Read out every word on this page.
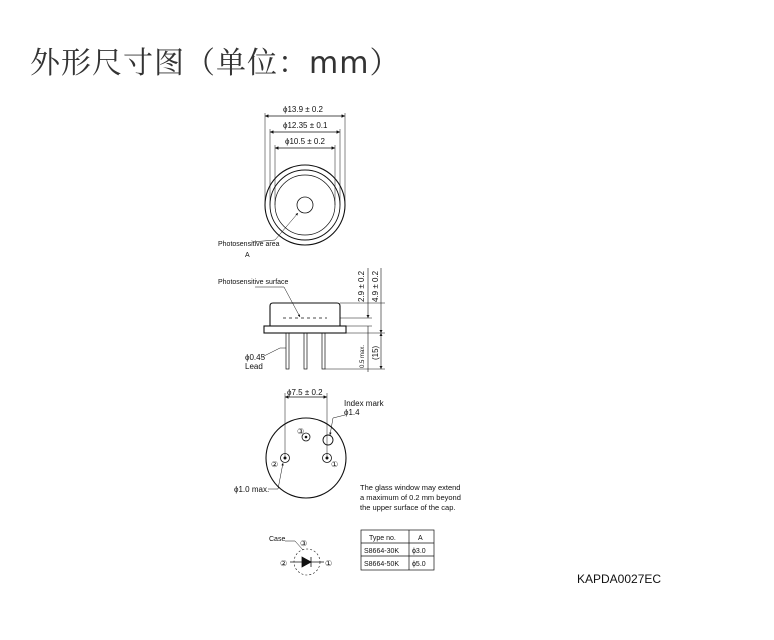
外形尺寸图（单位：mm）
ϕ13.9 ± 0.2
ϕ12.35 ± 0.1
ϕ10.5 ± 0.2
Photosensitive area
A
Photosensitive surface
ϕ0.45
Lead
2.9 ± 0.2 4.9 ± 0.2
0.5 max. (15)
ϕ7.5 ± 0.2
Index mark
ϕ1.4
ϕ1.0 max.
③
②	①
The glass window may extend
a maximum of 0.2 mm beyond
the upper surface of the cap.
Case ③
②	①
Type no.	A
S8664-30K ϕ3.0
S8664-50K ϕ5.0
KAPDA0027EC
